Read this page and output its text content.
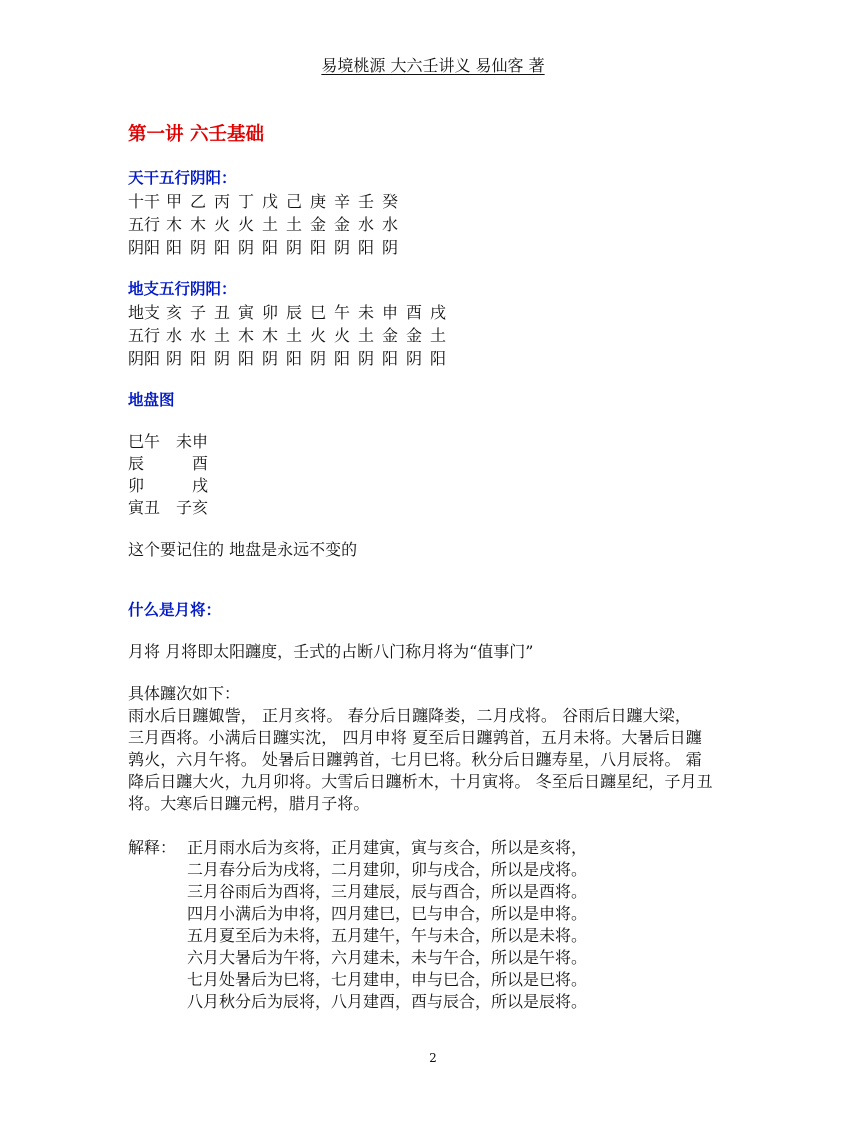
易境桃源 大六壬讲义 易仙客 著
第一讲 六壬基础
天干五行阴阳：
十干	甲	乙	丙	丁	戊	己	庚	辛	壬	癸
五行	木	木	火	火	土	土	金	金	水	水
阴阳	阳	阴	阳	阴	阳	阴	阳	阴	阳	阴
地支五行阴阳：
地支	亥	子	丑	寅	卯	辰	巳	午	未	申	酉	戌
五行	水	水	土	木	木	土	火	火	土	金	金	土
阴阳	阴	阳	阴	阳	阴	阳	阴	阳	阴	阳	阴	阳
地盘图
巳 午 未 申
辰	酉
卯	戌
寅 丑 子 亥
这个要记住的 地盘是永远不变的
什么是月将：
月将 月将即太阳躔度，壬式的占断八门称月将为“值事门”
具体躔次如下：
雨水后日躔娵訾， 正月亥将。 春分后日躔降娄，二月戌将。 谷雨后日躔大梁，
三月酉将。小满后日躔实沈， 四月申将 夏至后日躔鹑首，五月未将。大暑后日躔
鹑火，六月午将。 处暑后日躔鹑首，七月巳将。秋分后日躔寿星，八月辰将。 霜
降后日躔大火，九月卯将。大雪后日躔析木，十月寅将。 冬至后日躔星纪，子月丑
将。大寒后日躔元枵，腊月子将。
解释： 正月雨水后为亥将，正月建寅，寅与亥合，所以是亥将，
二月春分后为戌将，二月建卯，卯与戌合，所以是戌将。
三月谷雨后为酉将，三月建辰，辰与酉合，所以是酉将。
四月小满后为申将，四月建巳，巳与申合，所以是申将。
五月夏至后为未将，五月建午，午与未合，所以是未将。
六月大暑后为午将，六月建未，未与午合，所以是午将。
七月处暑后为巳将，七月建申，申与巳合，所以是巳将。
八月秋分后为辰将，八月建酉，酉与辰合，所以是辰将。
2
